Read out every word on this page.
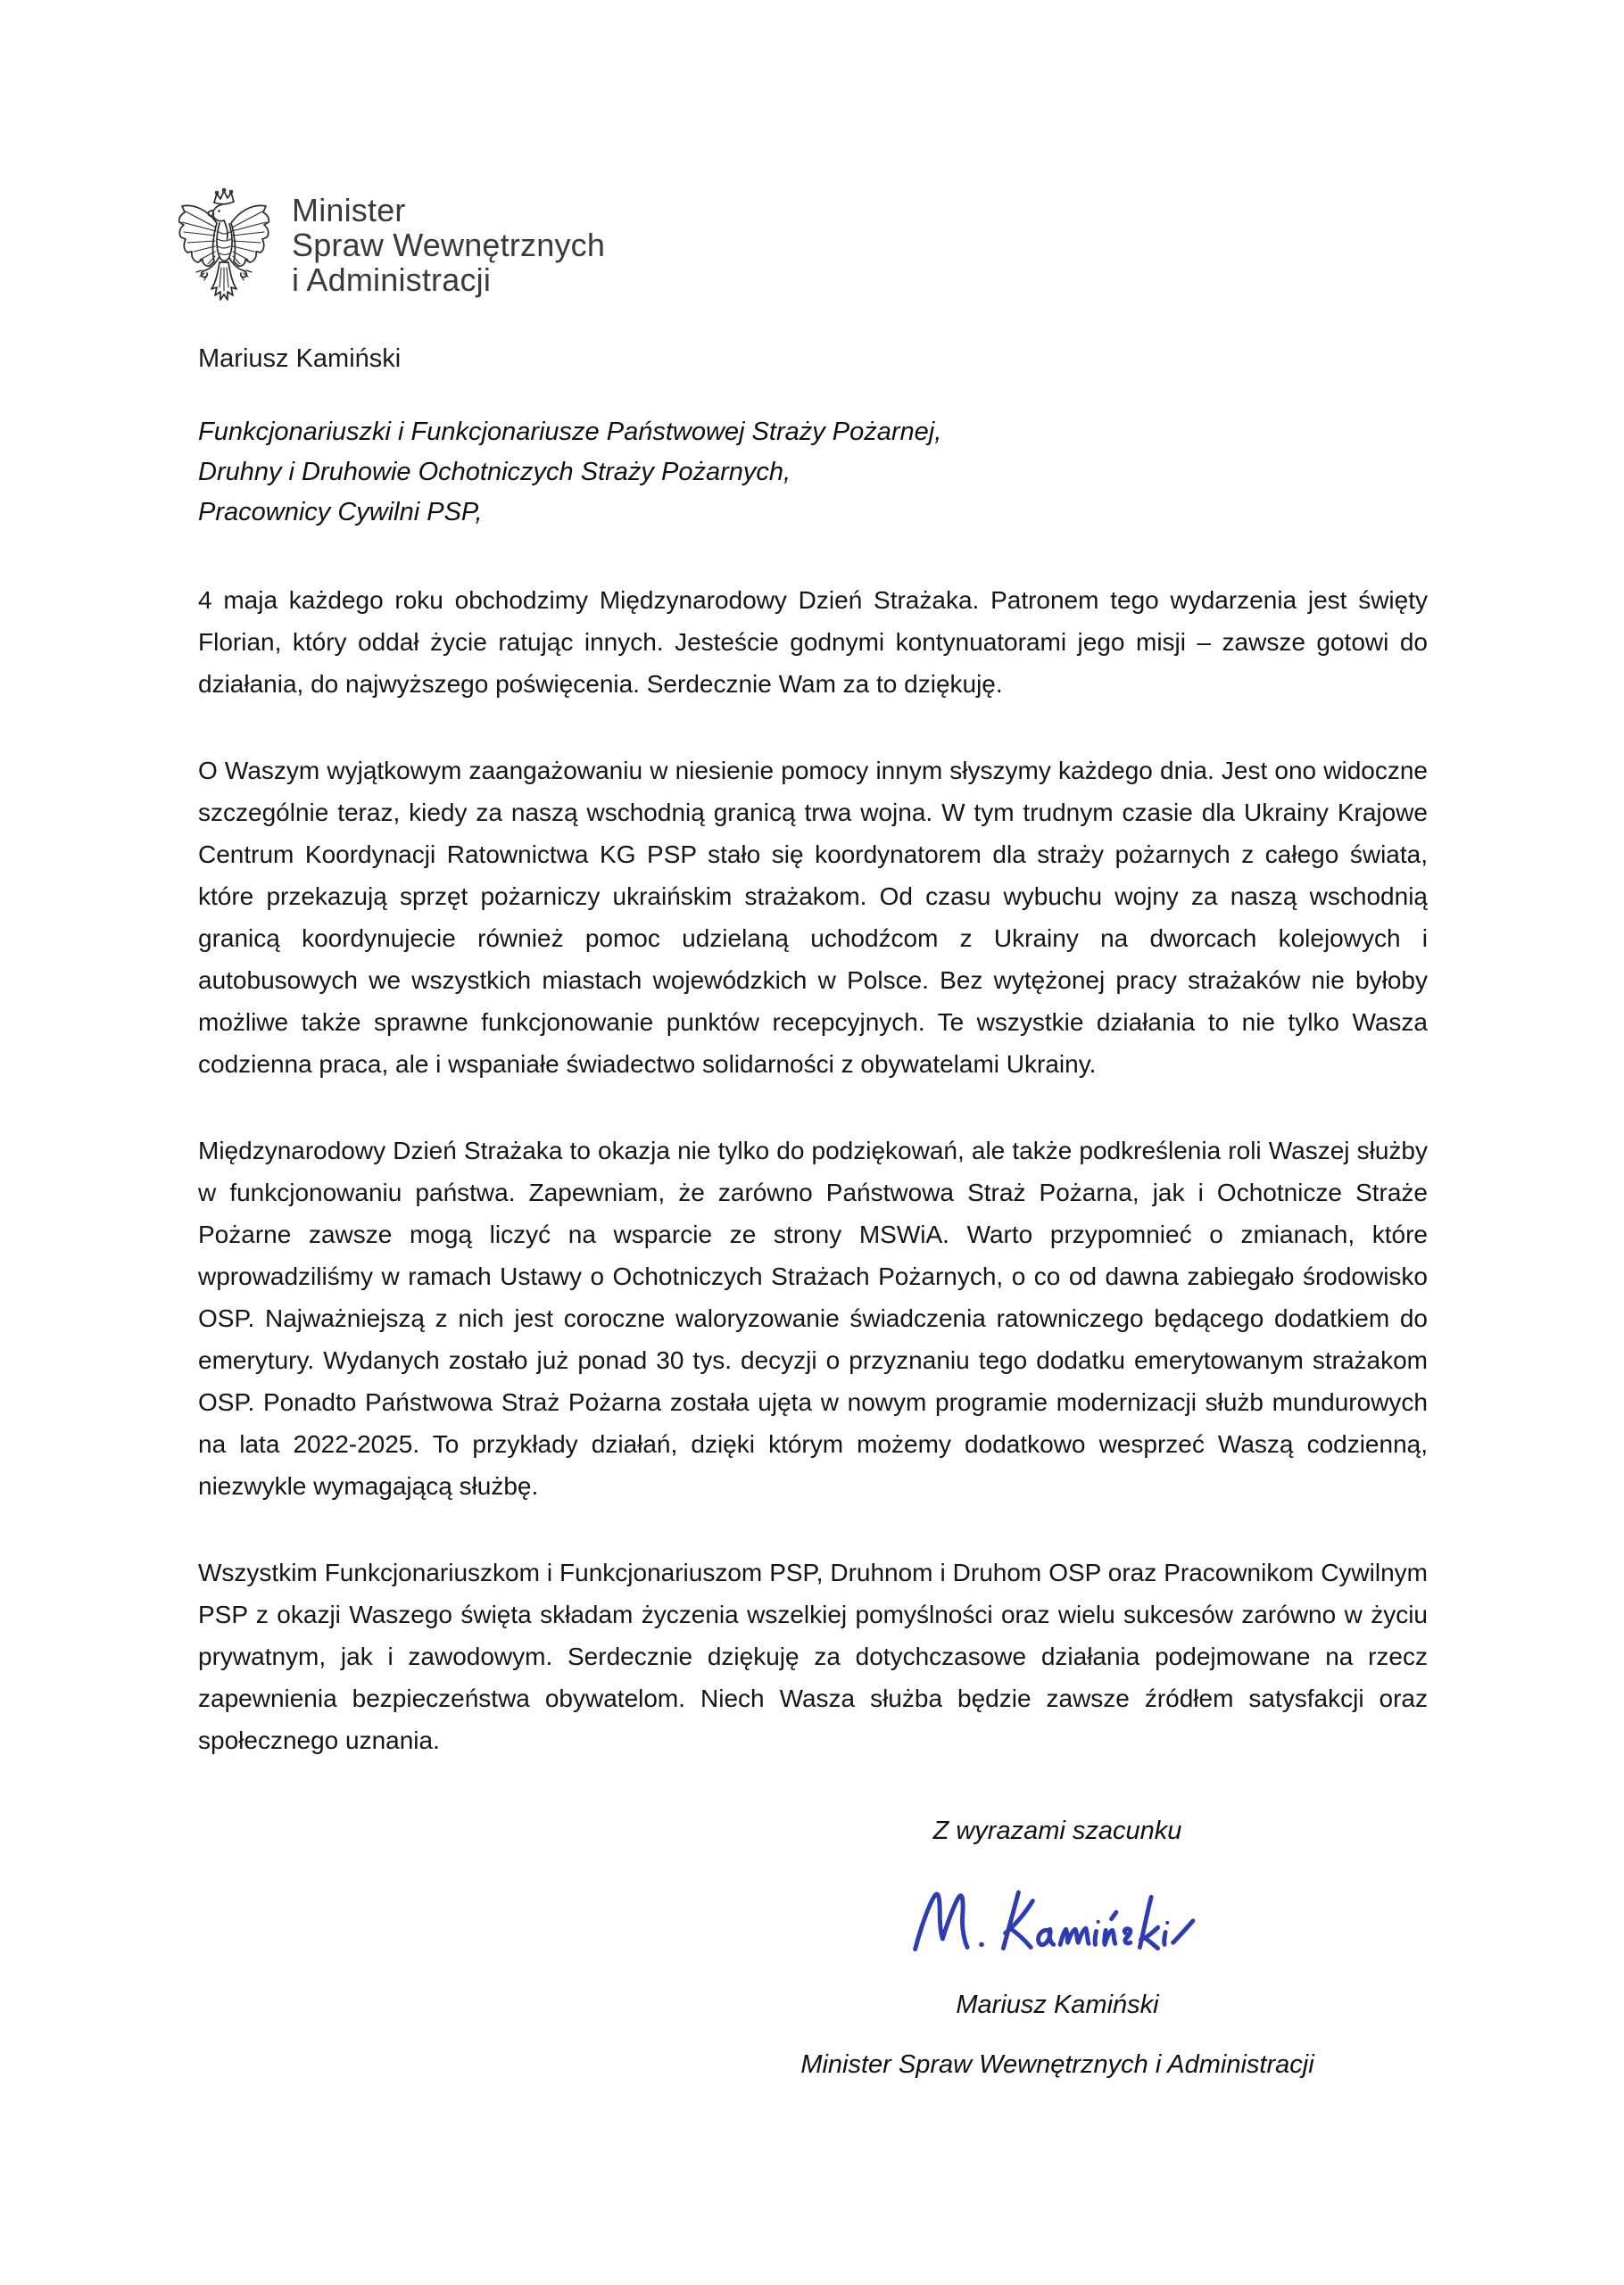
Minister
Spraw Wewnętrznych
i Administracji
Mariusz Kamiński
Funkcjonariuszki i Funkcjonariusze Państwowej Straży Pożarnej,
Druhny i Druhowie Ochotniczych Straży Pożarnych,
Pracownicy Cywilni PSP,

4 maja każdego roku obchodzimy Międzynarodowy Dzień Strażaka. Patronem tego wydarzenia jest święty Florian, który oddał życie ratując innych. Jesteście godnymi kontynuatorami jego misji – zawsze gotowi do działania, do najwyższego poświęcenia. Serdecznie Wam za to dziękuję.

O Waszym wyjątkowym zaangażowaniu w niesienie pomocy innym słyszymy każdego dnia. Jest ono widoczne szczególnie teraz, kiedy za naszą wschodnią granicą trwa wojna. W tym trudnym czasie dla Ukrainy Krajowe Centrum Koordynacji Ratownictwa KG PSP stało się koordynatorem dla straży pożarnych z całego świata, które przekazują sprzęt pożarniczy ukraińskim strażakom. Od czasu wybuchu wojny za naszą wschodnią granicą koordynujecie również pomoc udzielaną uchodźcom z Ukrainy na dworcach kolejowych i autobusowych we wszystkich miastach wojewódzkich w Polsce. Bez wytężonej pracy strażaków nie byłoby możliwe także sprawne funkcjonowanie punktów recepcyjnych. Te wszystkie działania to nie tylko Wasza codzienna praca, ale i wspaniałe świadectwo solidarności z obywatelami Ukrainy.

Międzynarodowy Dzień Strażaka to okazja nie tylko do podziękowań, ale także podkreślenia roli Waszej służby w funkcjonowaniu państwa. Zapewniam, że zarówno Państwowa Straż Pożarna, jak i Ochotnicze Straże Pożarne zawsze mogą liczyć na wsparcie ze strony MSWiA. Warto przypomnieć o zmianach, które wprowadziliśmy w ramach Ustawy o Ochotniczych Strażach Pożarnych, o co od dawna zabiegało środowisko OSP. Najważniejszą z nich jest coroczne waloryzowanie świadczenia ratowniczego będącego dodatkiem do emerytury. Wydanych zostało już ponad 30 tys. decyzji o przyznaniu tego dodatku emerytowanym strażakom OSP. Ponadto Państwowa Straż Pożarna została ujęta w nowym programie modernizacji służb mundurowych na lata 2022-2025. To przykłady działań, dzięki którym możemy dodatkowo wesprzeć Waszą codzienną, niezwykle wymagającą służbę.

Wszystkim Funkcjonariuszkom i Funkcjonariuszom PSP, Druhnom i Druhom OSP oraz Pracownikom Cywilnym PSP z okazji Waszego święta składam życzenia wszelkiej pomyślności oraz wielu sukcesów zarówno w życiu prywatnym, jak i zawodowym. Serdecznie dziękuję za dotychczasowe działania podejmowane na rzecz zapewnienia bezpieczeństwa obywatelom. Niech Wasza służba będzie zawsze źródłem satysfakcji oraz społecznego uznania.

Z wyrazami szacunku
Mariusz Kamiński
Minister Spraw Wewnętrznych i Administracji
